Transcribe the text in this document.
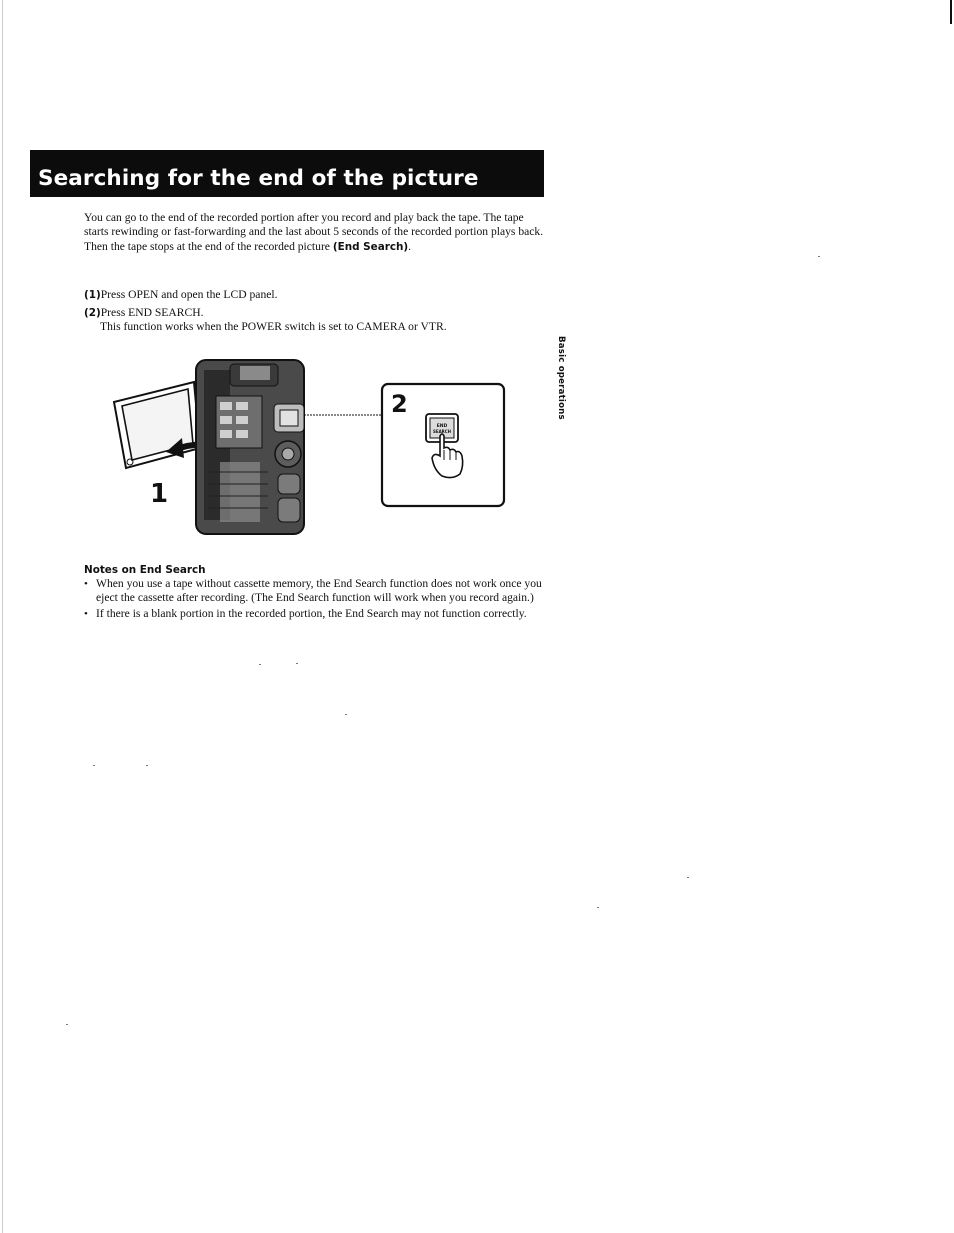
Searching for the end of the picture

You can go to the end of the recorded portion after you record and play back the tape. The tape starts rewinding or fast-forwarding and the last about 5 seconds of the recorded portion plays back. Then the tape stops at the end of the recorded picture (End Search).

(1)Press OPEN and open the LCD panel.

(2)Press END SEARCH.

This function works when the POWER switch is set to CAMERA or VTR.

1
2
END
SEARCH
Basic operations
Notes on End Search
• When you use a tape without cassette memory, the End Search function does not work once you eject the cassette after recording. (The End Search function will work when you record again.)
• If there is a blank portion in the recorded portion, the End Search may not function correctly.
